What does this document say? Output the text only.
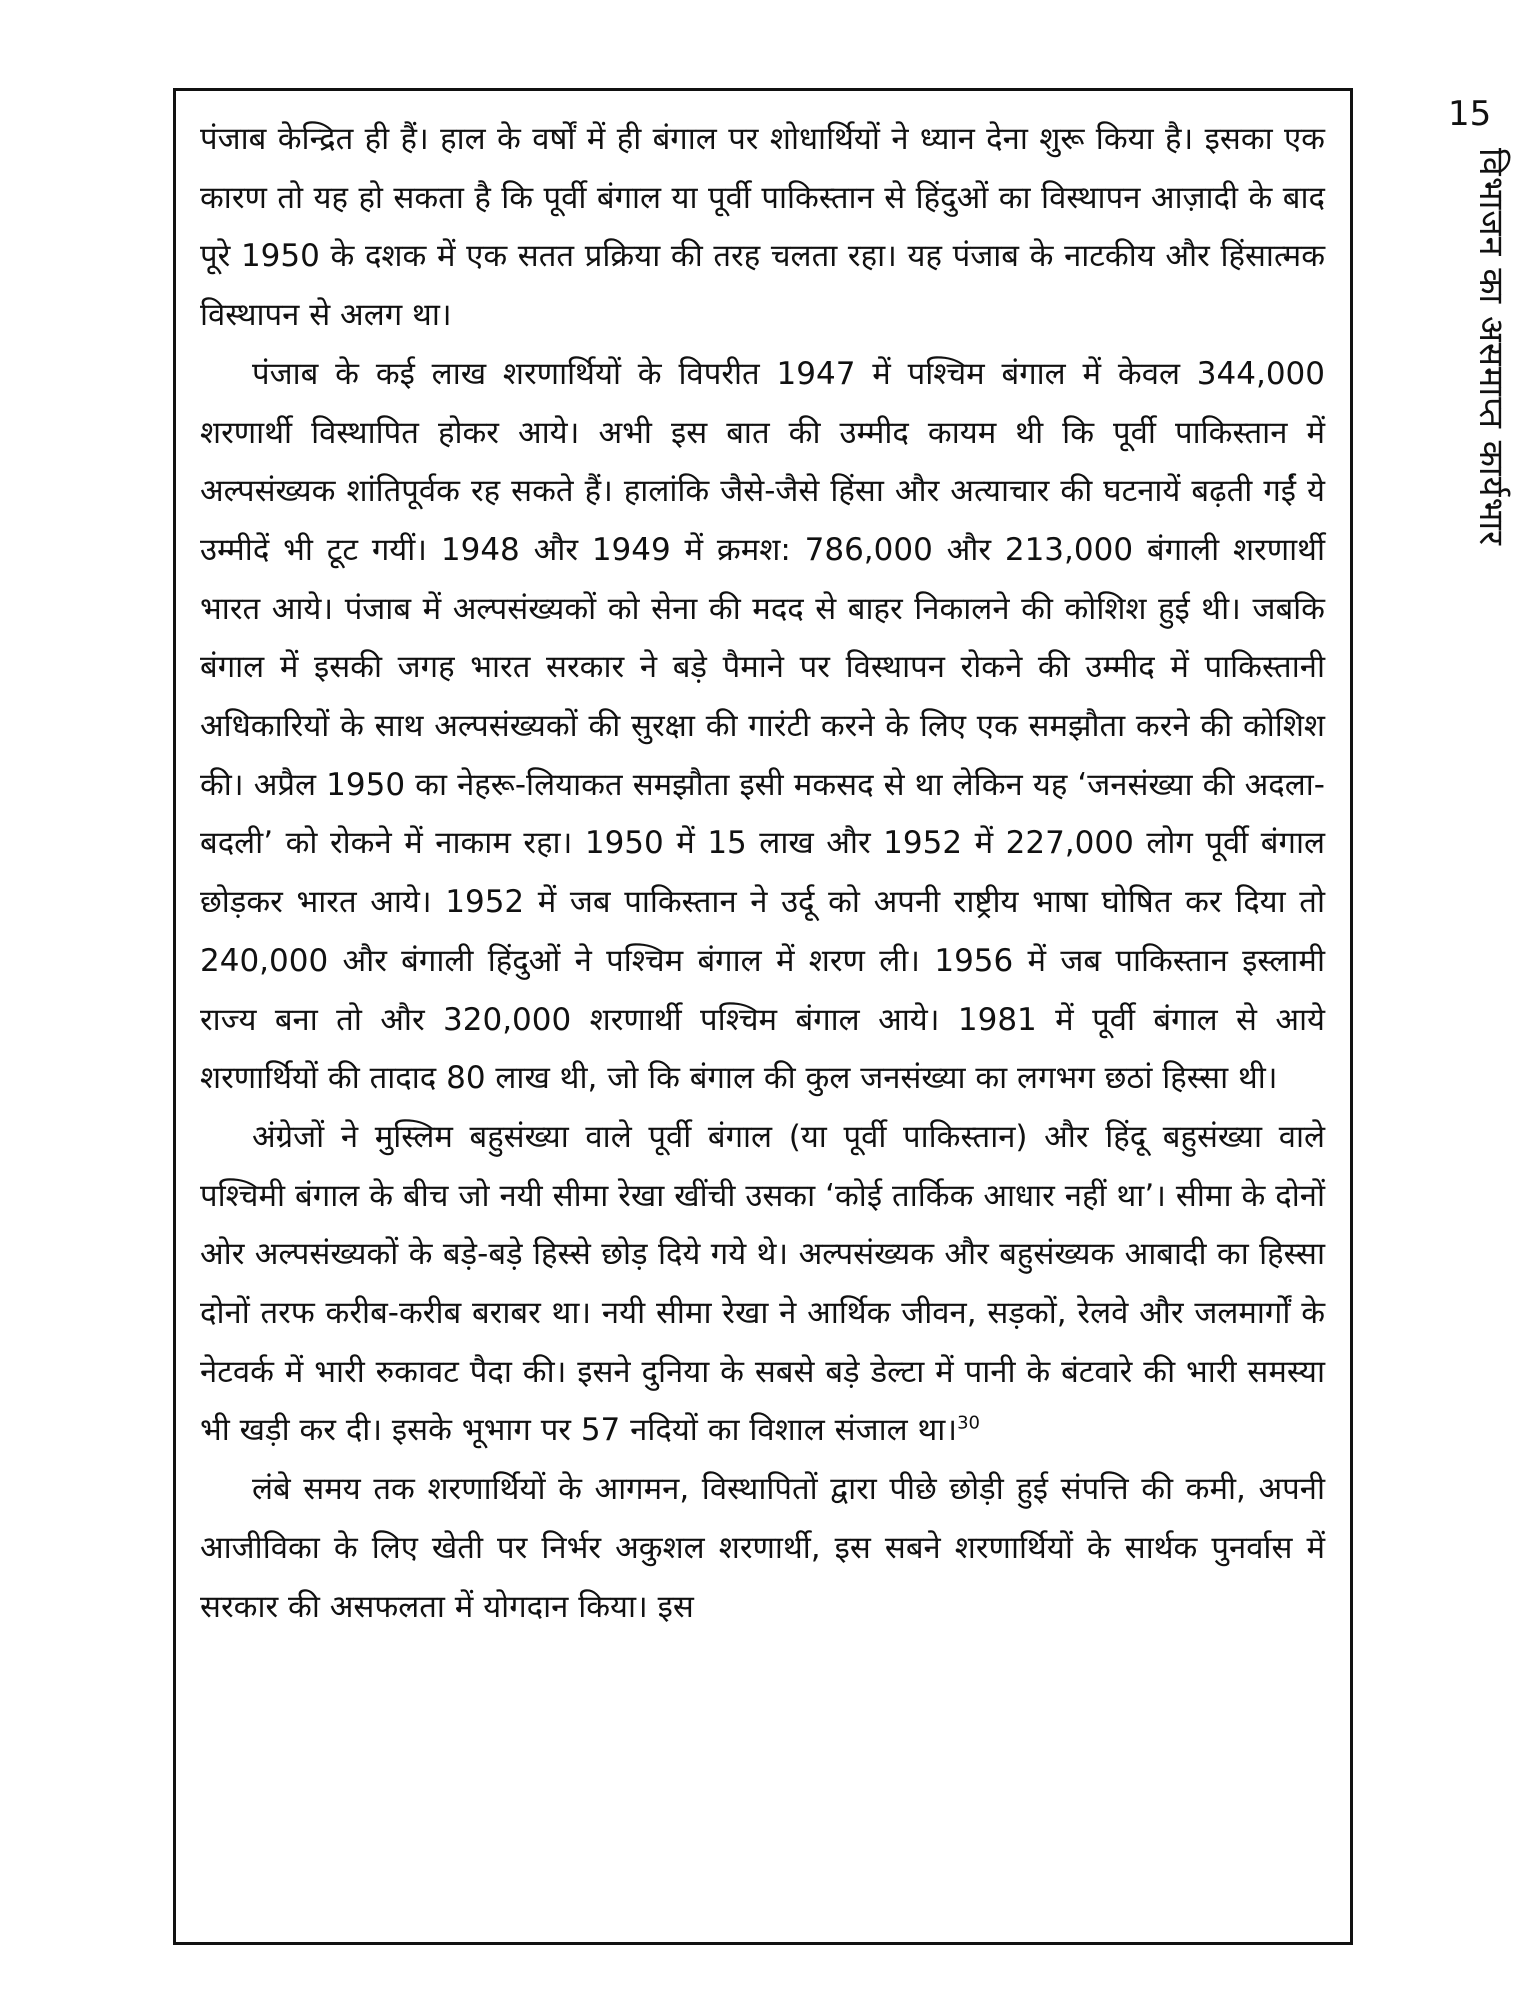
15
विभाजन का असमाप्त कार्यभार

पंजाब केन्द्रित ही हैं। हाल के वर्षों में ही बंगाल पर शोधार्थियों ने ध्यान देना शुरू किया है। इसका एक कारण तो यह हो सकता है कि पूर्वी बंगाल या पूर्वी पाकिस्तान से हिंदुओं का विस्थापन आज़ादी के बाद पूरे 1950 के दशक में एक सतत प्रक्रिया की तरह चलता रहा। यह पंजाब के नाटकीय और हिंसात्मक विस्थापन से अलग था।

पंजाब के कई लाख शरणार्थियों के विपरीत 1947 में पश्चिम बंगाल में केवल 344,000 शरणार्थी विस्थापित होकर आये। अभी इस बात की उम्मीद कायम थी कि पूर्वी पाकिस्तान में अल्पसंख्यक शांतिपूर्वक रह सकते हैं। हालांकि जैसे-जैसे हिंसा और अत्याचार की घटनायें बढ़ती गईं ये उम्मीदें भी टूट गयीं। 1948 और 1949 में क्रमश: 786,000 और 213,000 बंगाली शरणार्थी भारत आये। पंजाब में अल्पसंख्यकों को सेना की मदद से बाहर निकालने की कोशिश हुई थी। जबकि बंगाल में इसकी जगह भारत सरकार ने बड़े पैमाने पर विस्थापन रोकने की उम्मीद में पाकिस्तानी अधिकारियों के साथ अल्पसंख्यकों की सुरक्षा की गारंटी करने के लिए एक समझौता करने की कोशिश की। अप्रैल 1950 का नेहरू-लियाकत समझौता इसी मकसद से था लेकिन यह ‘जनसंख्या की अदला-बदली’ को रोकने में नाकाम रहा। 1950 में 15 लाख और 1952 में 227,000 लोग पूर्वी बंगाल छोड़कर भारत आये। 1952 में जब पाकिस्तान ने उर्दू को अपनी राष्ट्रीय भाषा घोषित कर दिया तो 240,000 और बंगाली हिंदुओं ने पश्चिम बंगाल में शरण ली। 1956 में जब पाकिस्तान इस्लामी राज्य बना तो और 320,000 शरणार्थी पश्चिम बंगाल आये। 1981 में पूर्वी बंगाल से आये शरणार्थियों की तादाद 80 लाख थी, जो कि बंगाल की कुल जनसंख्या का लगभग छठां हिस्सा थी।

अंग्रेजों ने मुस्लिम बहुसंख्या वाले पूर्वी बंगाल (या पूर्वी पाकिस्तान) और हिंदू बहुसंख्या वाले पश्चिमी बंगाल के बीच जो नयी सीमा रेखा खींची उसका ‘कोई तार्किक आधार नहीं था’। सीमा के दोनों ओर अल्पसंख्यकों के बड़े-बड़े हिस्से छोड़ दिये गये थे। अल्पसंख्यक और बहुसंख्यक आबादी का हिस्सा दोनों तरफ करीब-करीब बराबर था। नयी सीमा रेखा ने आर्थिक जीवन, सड़कों, रेलवे और जलमार्गों के नेटवर्क में भारी रुकावट पैदा की। इसने दुनिया के सबसे बड़े डेल्टा में पानी के बंटवारे की भारी समस्या भी खड़ी कर दी। इसके भूभाग पर 57 नदियों का विशाल संजाल था।$^{30}$

लंबे समय तक शरणार्थियों के आगमन, विस्थापितों द्वारा पीछे छोड़ी हुई संपत्ति की कमी, अपनी आजीविका के लिए खेती पर निर्भर अकुशल शरणार्थी, इस सबने शरणार्थियों के सार्थक पुनर्वास में सरकार की असफलता में योगदान किया। इस
